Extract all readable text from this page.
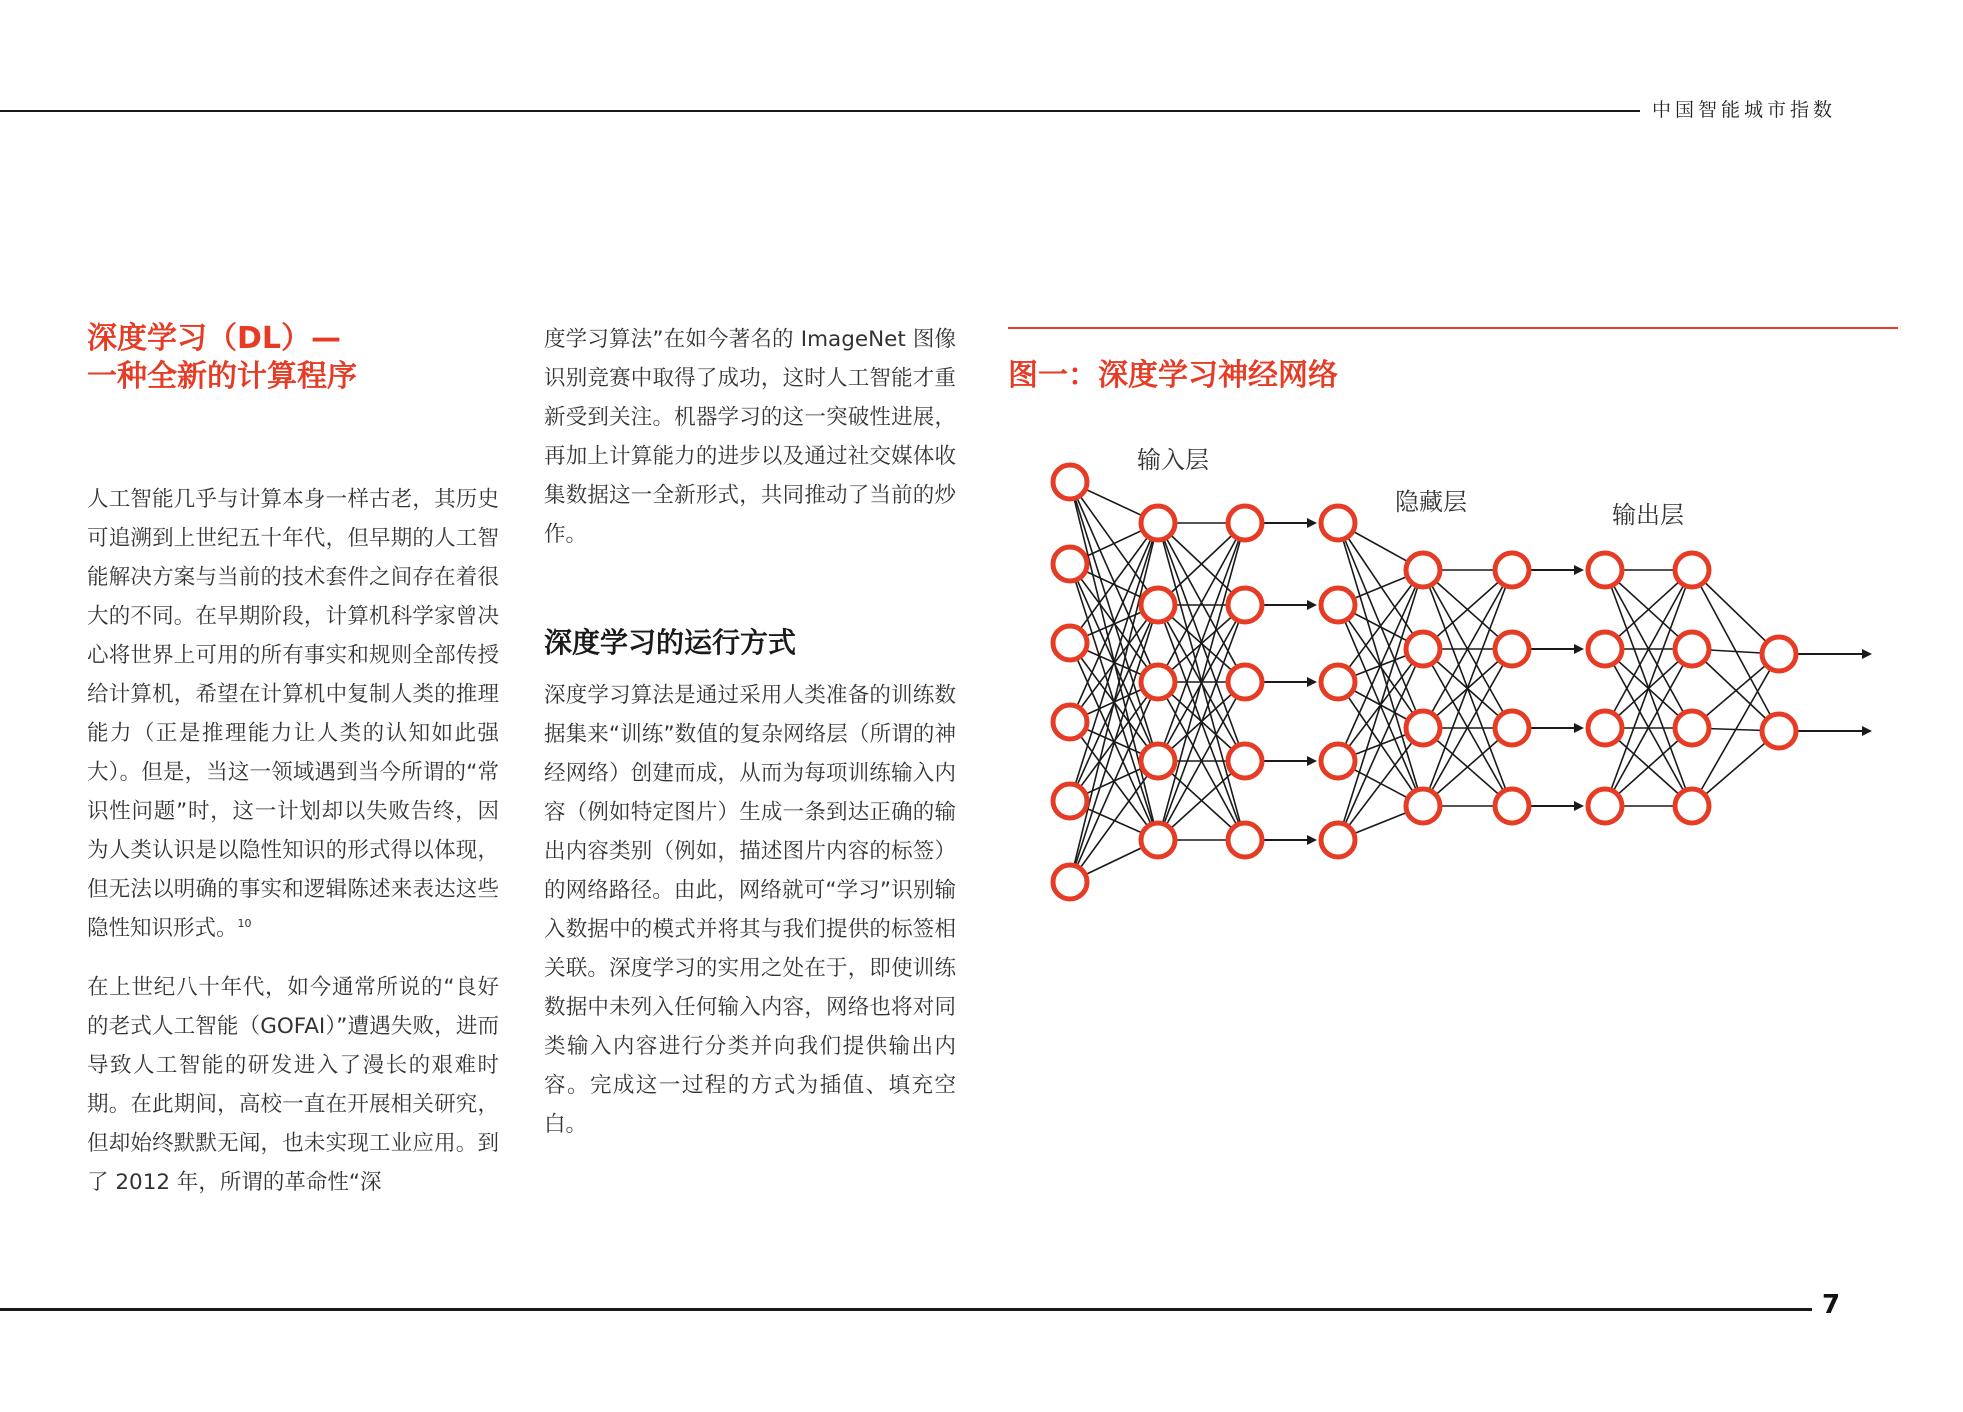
中国智能城市指数
深度学习（DL）—
一种全新的计算程序

人工智能几乎与计算本身一样古老，其历史可追溯到上世纪五十年代，但早期的人工智能解决方案与当前的技术套件之间存在着很大的不同。在早期阶段，计算机科学家曾决心将世界上可用的所有事实和规则全部传授给计算机，希望在计算机中复制人类的推理能力（正是推理能力让人类的认知如此强大）。但是，当这一领域遇到当今所谓的“常识性问题”时，这一计划却以失败告终，因为人类认识是以隐性知识的形式得以体现，但无法以明确的事实和逻辑陈述来表达这些隐性知识形式。$^{10}$

在上世纪八十年代，如今通常所说的“良好的老式人工智能（GOFAI）”遭遇失败，进而导致人工智能的研发进入了漫长的艰难时期。在此期间，高校一直在开展相关研究，但却始终默默无闻，也未实现工业应用。到了 2012 年，所谓的革命性“深

度学习算法”在如今著名的 ImageNet 图像识别竞赛中取得了成功，这时人工智能才重新受到关注。机器学习的这一突破性进展，再加上计算能力的进步以及通过社交媒体收集数据这一全新形式，共同推动了当前的炒作。

深度学习的运行方式

深度学习算法是通过采用人类准备的训练数据集来“训练”数值的复杂网络层（所谓的神经网络）创建而成，从而为每项训练输入内容（例如特定图片）生成一条到达正确的输出内容类别（例如，描述图片内容的标签）的网络路径。由此，网络就可“学习”识别输入数据中的模式并将其与我们提供的标签相关联。深度学习的实用之处在于，即使训练数据中未列入任何输入内容，网络也将对同类输入内容进行分类并向我们提供输出内容。完成这一过程的方式为插值、填充空白。

图一：深度学习神经网络
输入层
隐藏层	输出层
7
